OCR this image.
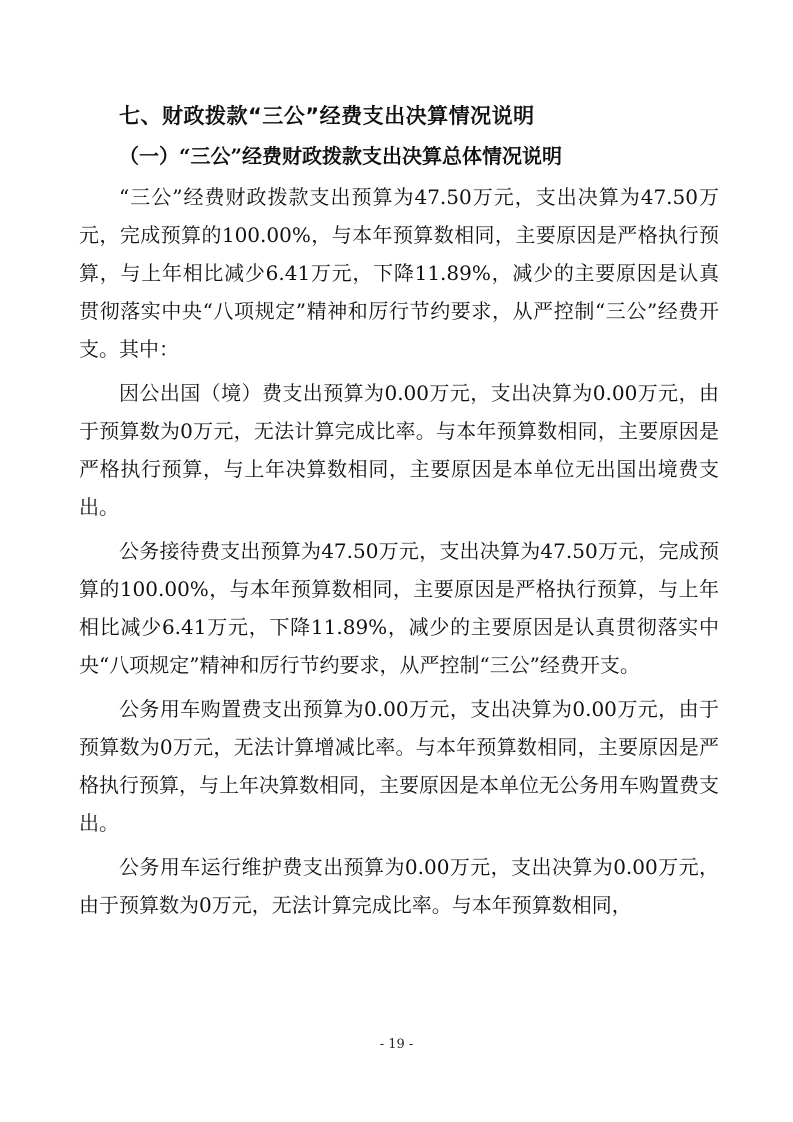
七、财政拨款“三公”经费支出决算情况说明
（一）“三公”经费财政拨款支出决算总体情况说明

“三公”经费财政拨款支出预算为47.50万元，支出决算为47.50万元，完成预算的100.00%，与本年预算数相同，主要原因是严格执行预算，与上年相比减少6.41万元，下降11.89%，减少的主要原因是认真贯彻落实中央“八项规定”精神和厉行节约要求，从严控制“三公”经费开支。其中：

因公出国（境）费支出预算为0.00万元，支出决算为0.00万元，由于预算数为0万元，无法计算完成比率。与本年预算数相同，主要原因是严格执行预算，与上年决算数相同，主要原因是本单位无出国出境费支出。

公务接待费支出预算为47.50万元，支出决算为47.50万元，完成预算的100.00%，与本年预算数相同，主要原因是严格执行预算，与上年相比减少6.41万元，下降11.89%，减少的主要原因是认真贯彻落实中央“八项规定”精神和厉行节约要求，从严控制“三公”经费开支。

公务用车购置费支出预算为0.00万元，支出决算为0.00万元，由于预算数为0万元，无法计算增减比率。与本年预算数相同，主要原因是严格执行预算，与上年决算数相同，主要原因是本单位无公务用车购置费支出。

公务用车运行维护费支出预算为0.00万元，支出决算为0.00万元，由于预算数为0万元，无法计算完成比率。与本年预算数相同，

- 19 -
